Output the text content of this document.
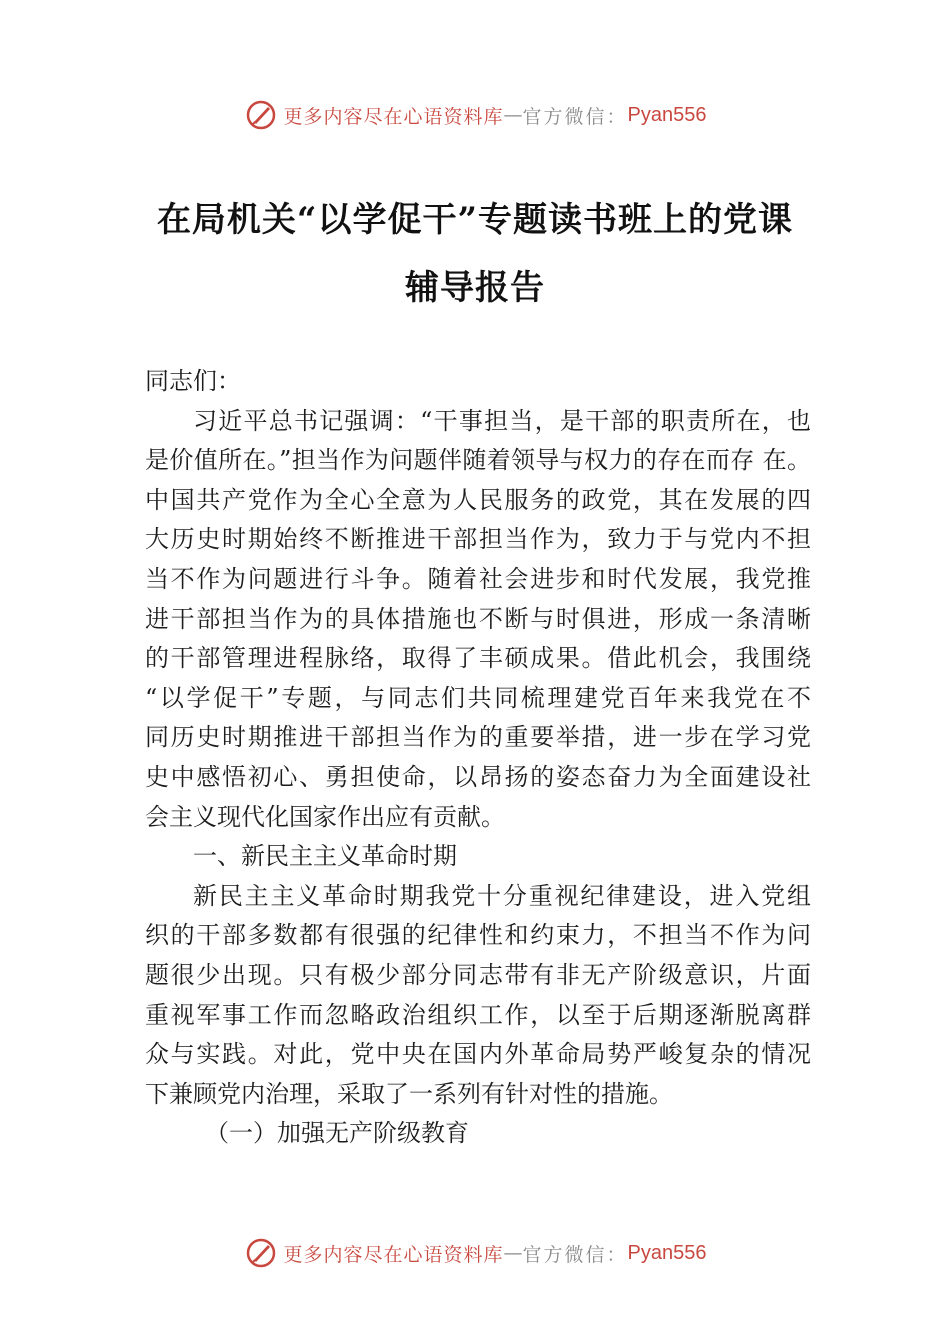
更多内容尽在心语资料库 — 官方微信： Pyan556
在局机关“以学促干”专题读书班上的党课
辅导报告
同志们：
习近平总书记强调：“干事担当，是干部的职责所在，也
是价值所在。”担当作为问题伴随着领导与权力的存在而存 在。
中国共产党作为全心全意为人民服务的政党，其在发展的四
大历史时期始终不断推进干部担当作为，致力于与党内不担
当不作为问题进行斗争。随着社会进步和时代发展，我党推
进干部担当作为的具体措施也不断与时俱进，形成一条清晰
的干部管理进程脉络，取得了丰硕成果。借此机会，我围绕
“以学促干”专题，与同志们共同梳理建党百年来我党在不
同历史时期推进干部担当作为的重要举措，进一步在学习党
史中感悟初心、勇担使命，以昂扬的姿态奋力为全面建设社
会主义现代化国家作出应有贡献。
一、新民主主义革命时期
新民主主义革命时期我党十分重视纪律建设，进入党组
织的干部多数都有很强的纪律性和约束力，不担当不作为问
题很少出现。只有极少部分同志带有非无产阶级意识，片面
重视军事工作而忽略政治组织工作，以至于后期逐渐脱离群
众与实践。对此，党中央在国内外革命局势严峻复杂的情况
下兼顾党内治理，采取了一系列有针对性的措施。
（一）加强无产阶级教育
更多内容尽在心语资料库 — 官方微信： Pyan556
